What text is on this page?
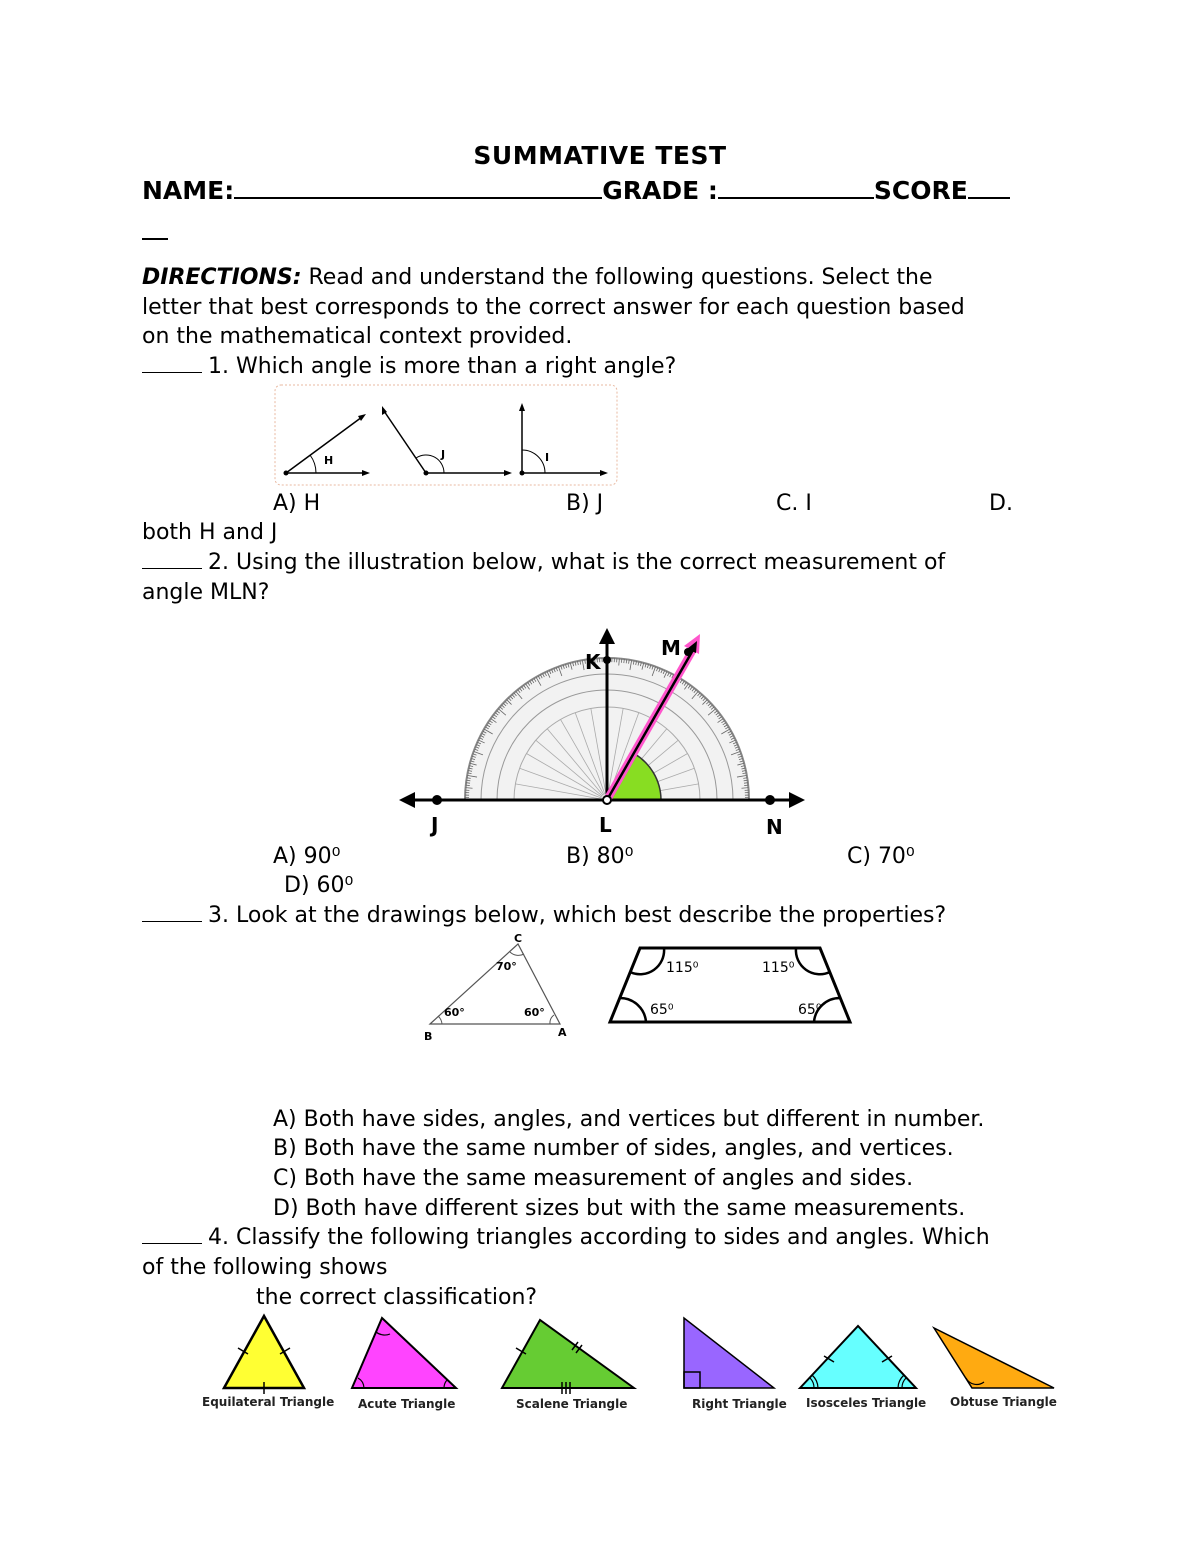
SUMMATIVE TEST
NAME:	GRADE :	SCORE
DIRECTIONS: Read and understand the following questions. Select the
letter that best corresponds to the correct answer for each question based
on the mathematical context provided.
1. Which angle is more than a right angle?
H	J	I
A) H	B) J	C. I	D.
both H and J
2. Using the illustration below, what is the correct measurement of
angle MLN?
K
M
J	L	N
A) 90⁰	B) 80⁰	C) 70⁰
D) 60⁰
3. Look at the drawings below, which best describe the properties?
C
B	A
70°
60°	60°
115⁰	115⁰
65⁰	65⁰
A) Both have sides, angles, and vertices but different in number.
B) Both have the same number of sides, angles, and vertices.
C) Both have the same measurement of angles and sides.
D) Both have different sizes but with the same measurements.
4. Classify the following triangles according to sides and angles. Which
of the following shows
the correct classification?
Equilateral Triangle Acute Triangle	Scalene Triangle	Right Triangle Isosceles Triangle Obtuse Triangle
